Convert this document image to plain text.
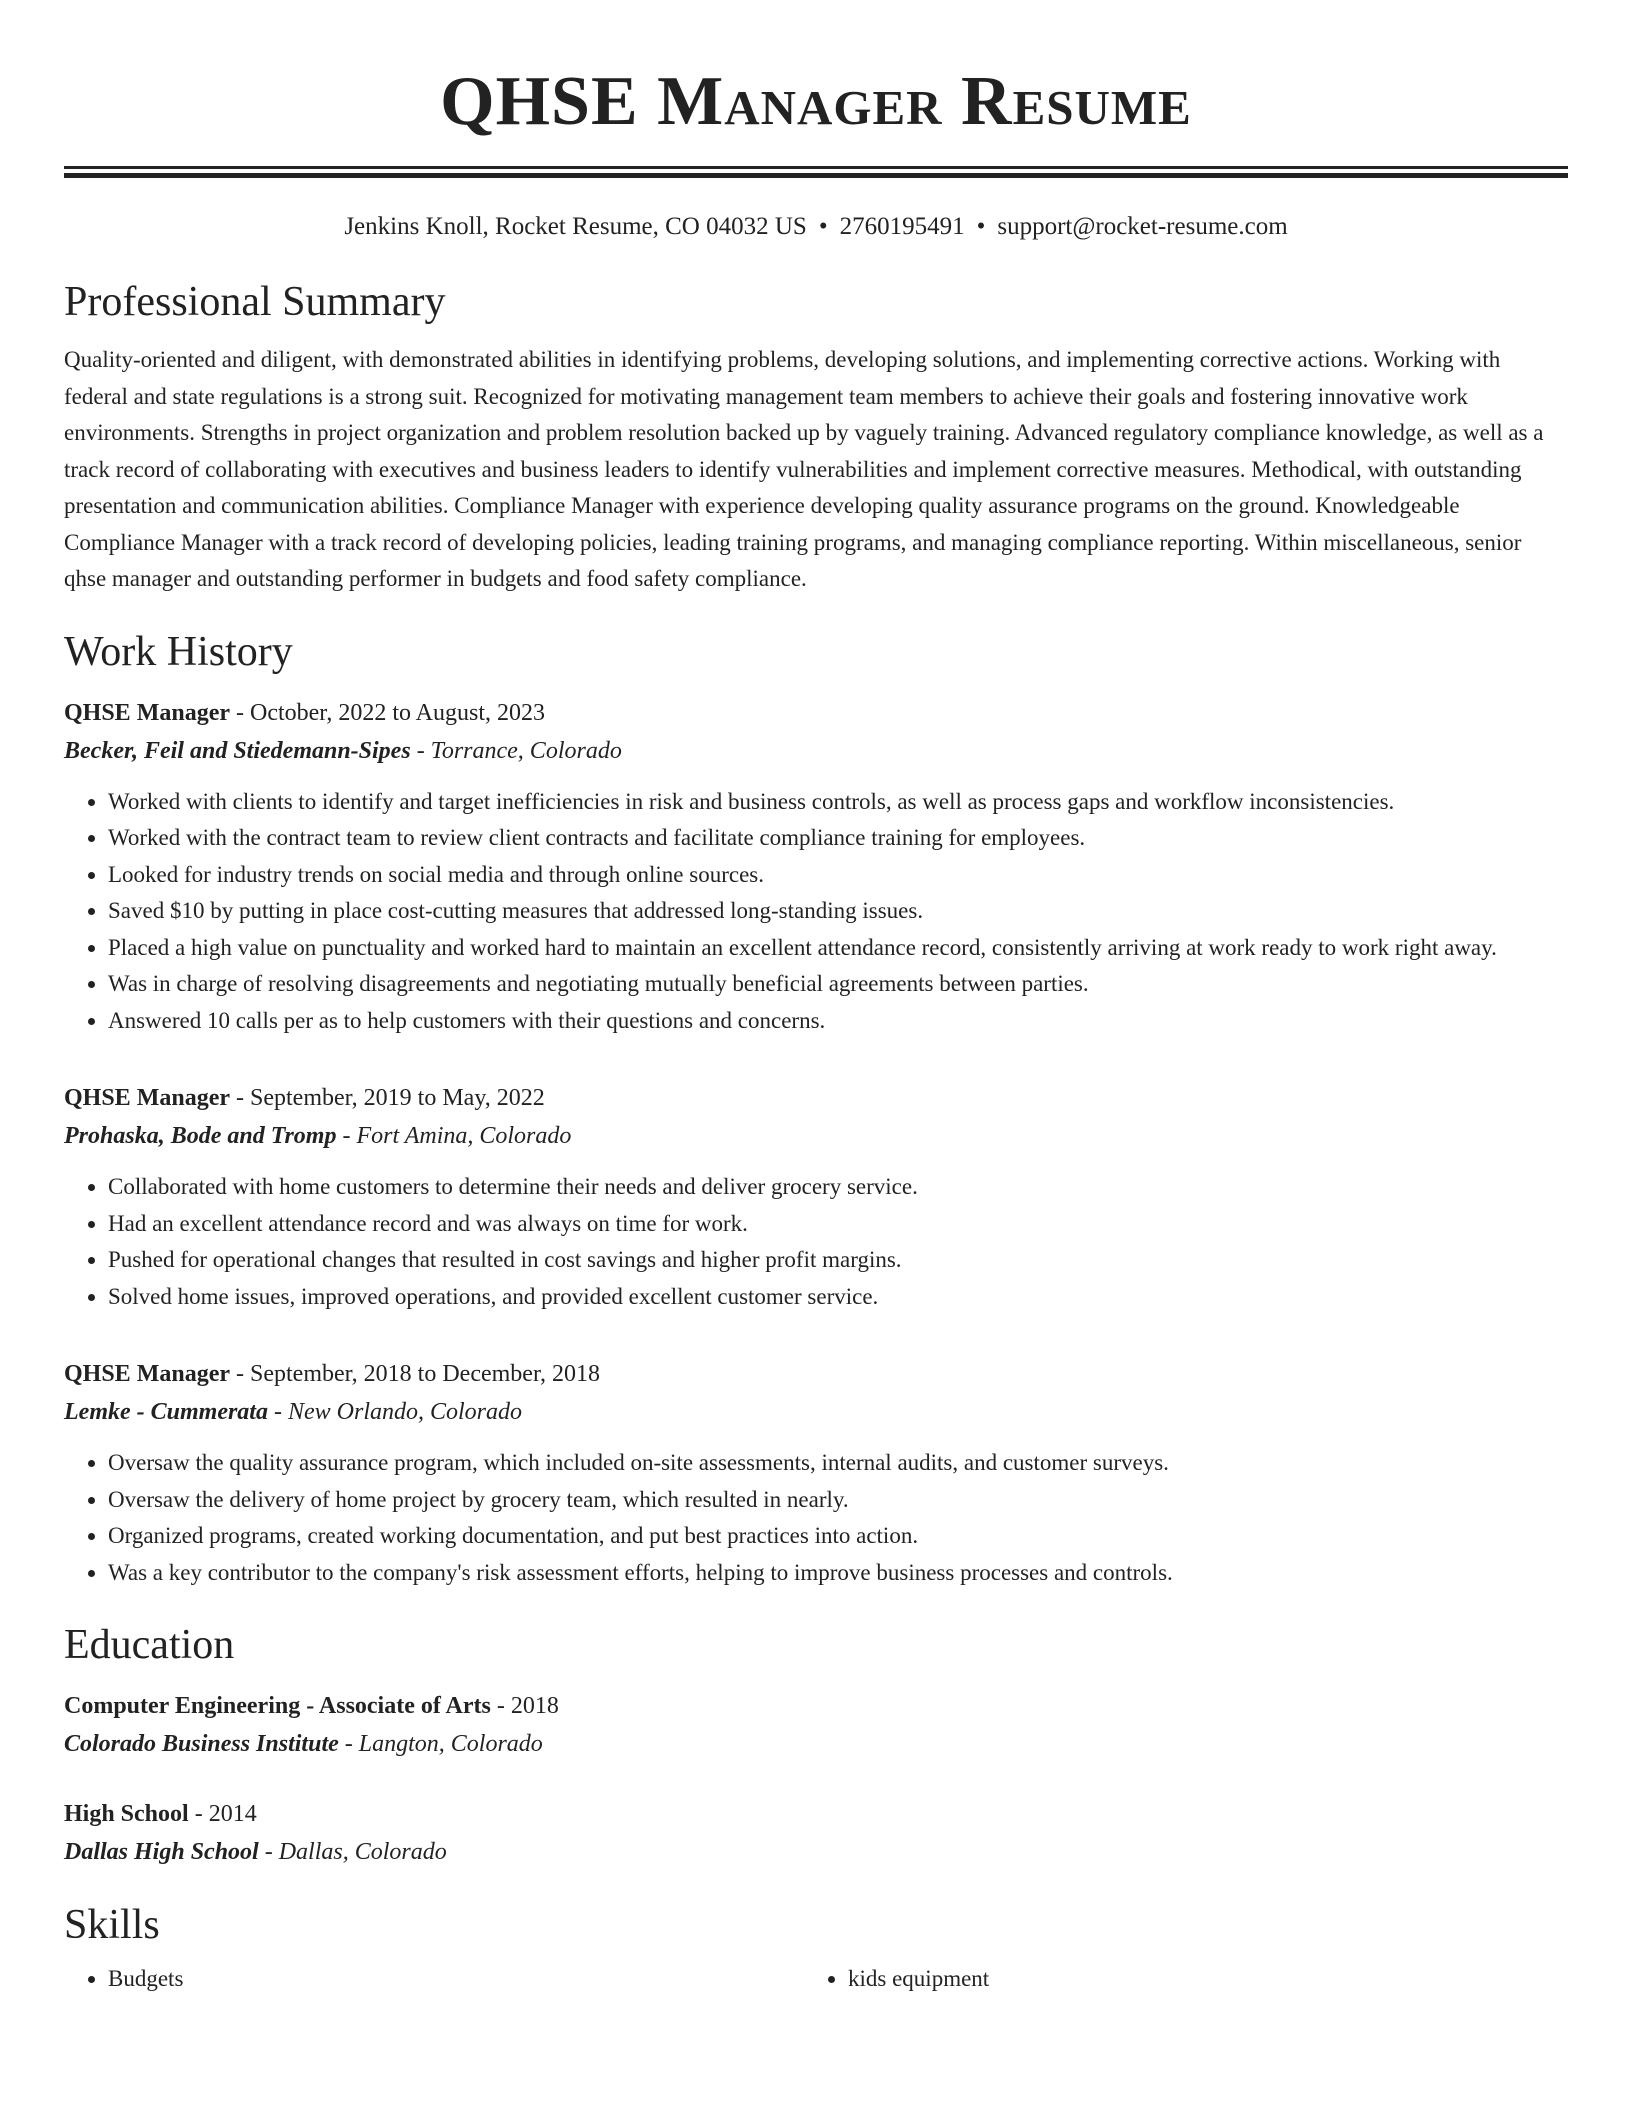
QHSE Manager Resume
Jenkins Knoll, Rocket Resume, CO 04032 US • 2760195491 • support@rocket-resume.com
Professional Summary
Quality-oriented and diligent, with demonstrated abilities in identifying problems, developing solutions, and implementing corrective actions. Working with federal and state regulations is a strong suit. Recognized for motivating management team members to achieve their goals and fostering innovative work environments. Strengths in project organization and problem resolution backed up by vaguely training. Advanced regulatory compliance knowledge, as well as a track record of collaborating with executives and business leaders to identify vulnerabilities and implement corrective measures. Methodical, with outstanding presentation and communication abilities. Compliance Manager with experience developing quality assurance programs on the ground. Knowledgeable Compliance Manager with a track record of developing policies, leading training programs, and managing compliance reporting. Within miscellaneous, senior qhse manager and outstanding performer in budgets and food safety compliance.
Work History
QHSE Manager - October, 2022 to August, 2023
Becker, Feil and Stiedemann-Sipes - Torrance, Colorado
• Worked with clients to identify and target inefficiencies in risk and business controls, as well as process gaps and workflow inconsistencies.
• Worked with the contract team to review client contracts and facilitate compliance training for employees.
• Looked for industry trends on social media and through online sources.
• Saved $10 by putting in place cost-cutting measures that addressed long-standing issues.
• Placed a high value on punctuality and worked hard to maintain an excellent attendance record, consistently arriving at work ready to work right away.
• Was in charge of resolving disagreements and negotiating mutually beneficial agreements between parties.
• Answered 10 calls per as to help customers with their questions and concerns.
QHSE Manager - September, 2019 to May, 2022
Prohaska, Bode and Tromp - Fort Amina, Colorado
• Collaborated with home customers to determine their needs and deliver grocery service.
• Had an excellent attendance record and was always on time for work.
• Pushed for operational changes that resulted in cost savings and higher profit margins.
• Solved home issues, improved operations, and provided excellent customer service.
QHSE Manager - September, 2018 to December, 2018
Lemke - Cummerata - New Orlando, Colorado
• Oversaw the quality assurance program, which included on-site assessments, internal audits, and customer surveys.
• Oversaw the delivery of home project by grocery team, which resulted in nearly.
• Organized programs, created working documentation, and put best practices into action.
• Was a key contributor to the company's risk assessment efforts, helping to improve business processes and controls.
Education
Computer Engineering - Associate of Arts - 2018
Colorado Business Institute - Langton, Colorado
High School - 2014
Dallas High School - Dallas, Colorado
Skills
• Budgets
•	kids equipment
